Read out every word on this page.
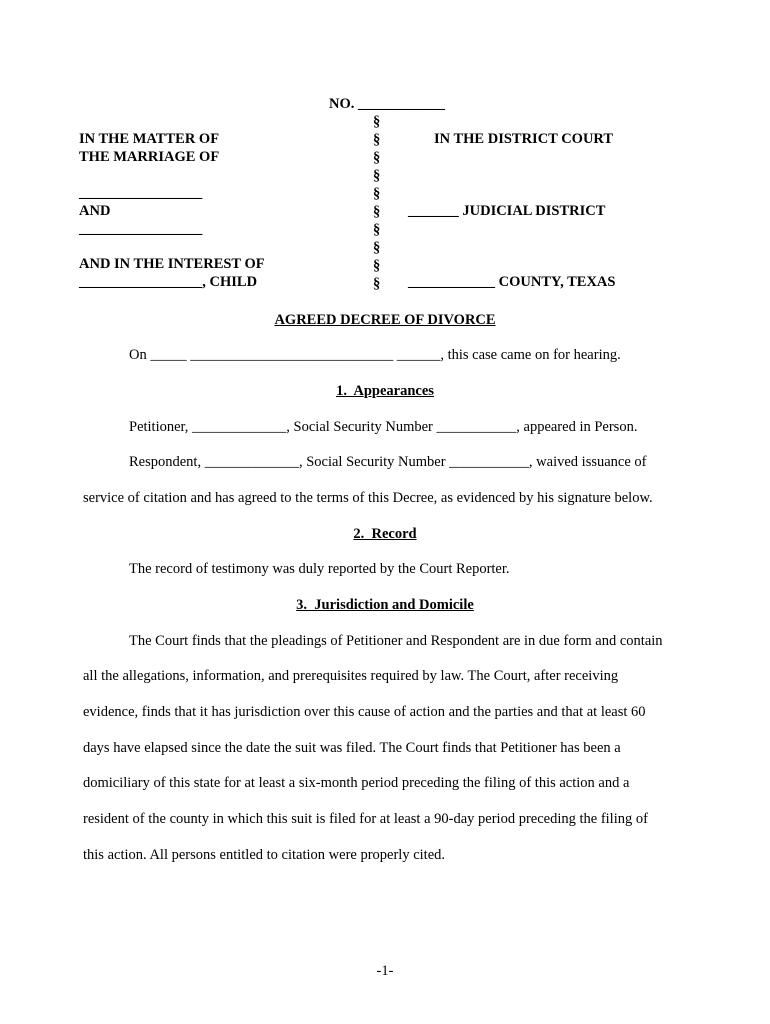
NO. ____________
IN THE MATTER OF
THE MARRIAGE OF
_________________
AND
_________________
AND IN THE INTEREST OF
_________________, CHILD
§
§
§
§
§
§
§
§
§
§
IN THE DISTRICT COURT
_______ JUDICIAL DISTRICT
____________ COUNTY, TEXAS
AGREED DECREE OF DIVORCE
On _____ ____________________________ ______, this case came on for hearing.
1.  Appearances
Petitioner, _____________, Social Security Number ___________, appeared in Person.
Respondent, _____________, Social Security Number ___________, waived issuance of
service of citation and has agreed to the terms of this Decree, as evidenced by his signature below.
2.  Record
The record of testimony was duly reported by the Court Reporter.
3.  Jurisdiction and Domicile
The Court finds that the pleadings of Petitioner and Respondent are in due form and contain
all the allegations, information, and prerequisites required by law. The Court, after receiving
evidence, finds that it has jurisdiction over this cause of action and the parties and that at least 60
days have elapsed since the date the suit was filed. The Court finds that Petitioner has been a
domiciliary of this state for at least a six-month period preceding the filing of this action and a
resident of the county in which this suit is filed for at least a 90-day period preceding the filing of
this action. All persons entitled to citation were properly cited.
-1-
